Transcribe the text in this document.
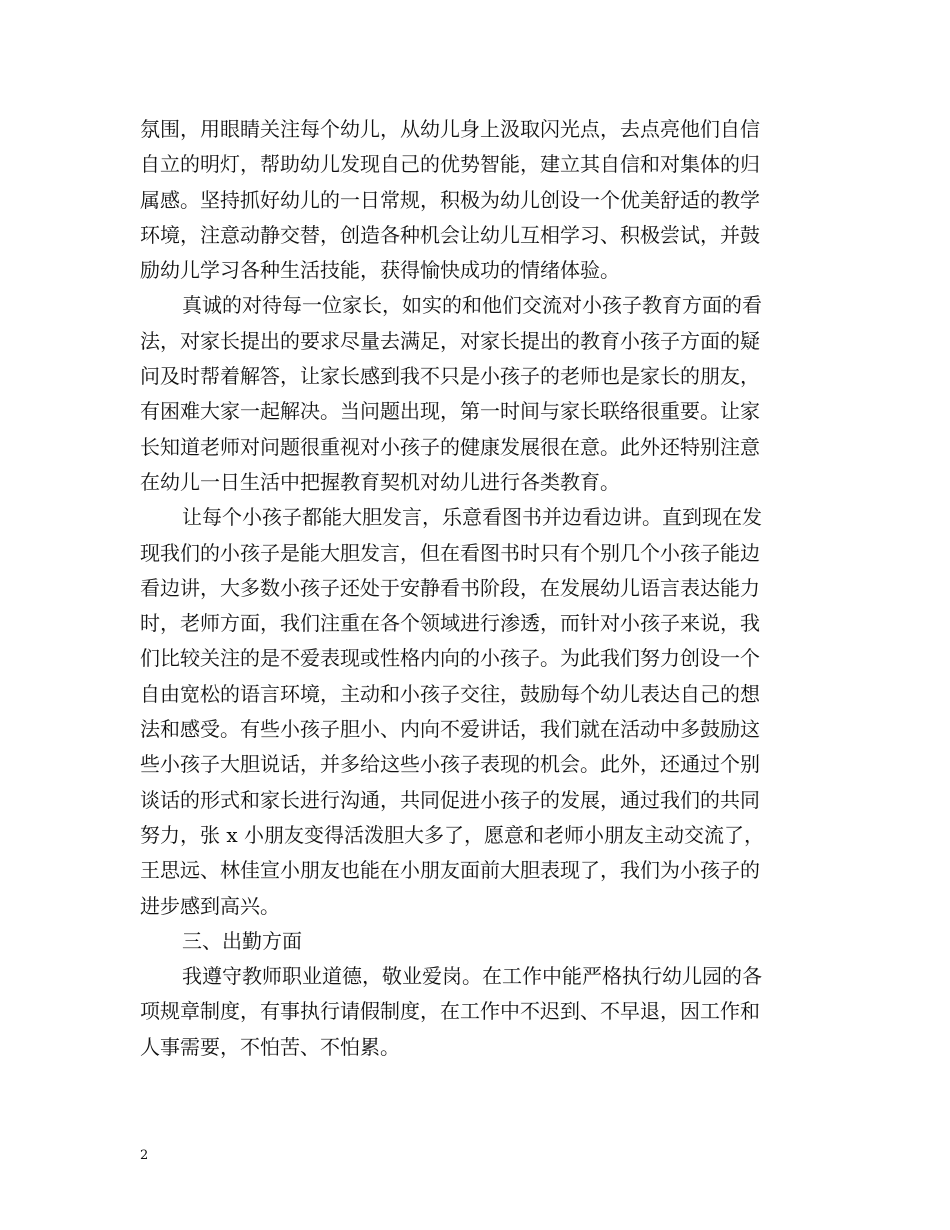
氛围，用眼睛关注每个幼儿，从幼儿身上汲取闪光点，去点亮他们自信
自立的明灯，帮助幼儿发现自己的优势智能，建立其自信和对集体的归
属感。坚持抓好幼儿的一日常规，积极为幼儿创设一个优美舒适的教学
环境，注意动静交替，创造各种机会让幼儿互相学习、积极尝试，并鼓
励幼儿学习各种生活技能，获得愉快成功的情绪体验。
真诚的对待每一位家长，如实的和他们交流对小孩子教育方面的看
法，对家长提出的要求尽量去满足，对家长提出的教育小孩子方面的疑
问及时帮着解答，让家长感到我不只是小孩子的老师也是家长的朋友，
有困难大家一起解决。当问题出现，第一时间与家长联络很重要。让家
长知道老师对问题很重视对小孩子的健康发展很在意。此外还特别注意
在幼儿一日生活中把握教育契机对幼儿进行各类教育。
让每个小孩子都能大胆发言，乐意看图书并边看边讲。直到现在发
现我们的小孩子是能大胆发言，但在看图书时只有个别几个小孩子能边
看边讲，大多数小孩子还处于安静看书阶段，在发展幼儿语言表达能力
时，老师方面，我们注重在各个领域进行渗透，而针对小孩子来说，我
们比较关注的是不爱表现或性格内向的小孩子。为此我们努力创设一个
自由宽松的语言环境，主动和小孩子交往，鼓励每个幼儿表达自己的想
法和感受。有些小孩子胆小、内向不爱讲话，我们就在活动中多鼓励这
些小孩子大胆说话，并多给这些小孩子表现的机会。此外，还通过个别
谈话的形式和家长进行沟通，共同促进小孩子的发展，通过我们的共同
努力，张 x 小朋友变得活泼胆大多了，愿意和老师小朋友主动交流了，
王思远、林佳宣小朋友也能在小朋友面前大胆表现了，我们为小孩子的
进步感到高兴。
三、出勤方面
我遵守教师职业道德，敬业爱岗。在工作中能严格执行幼儿园的各
项规章制度，有事执行请假制度，在工作中不迟到、不早退，因工作和
人事需要，不怕苦、不怕累。
2
